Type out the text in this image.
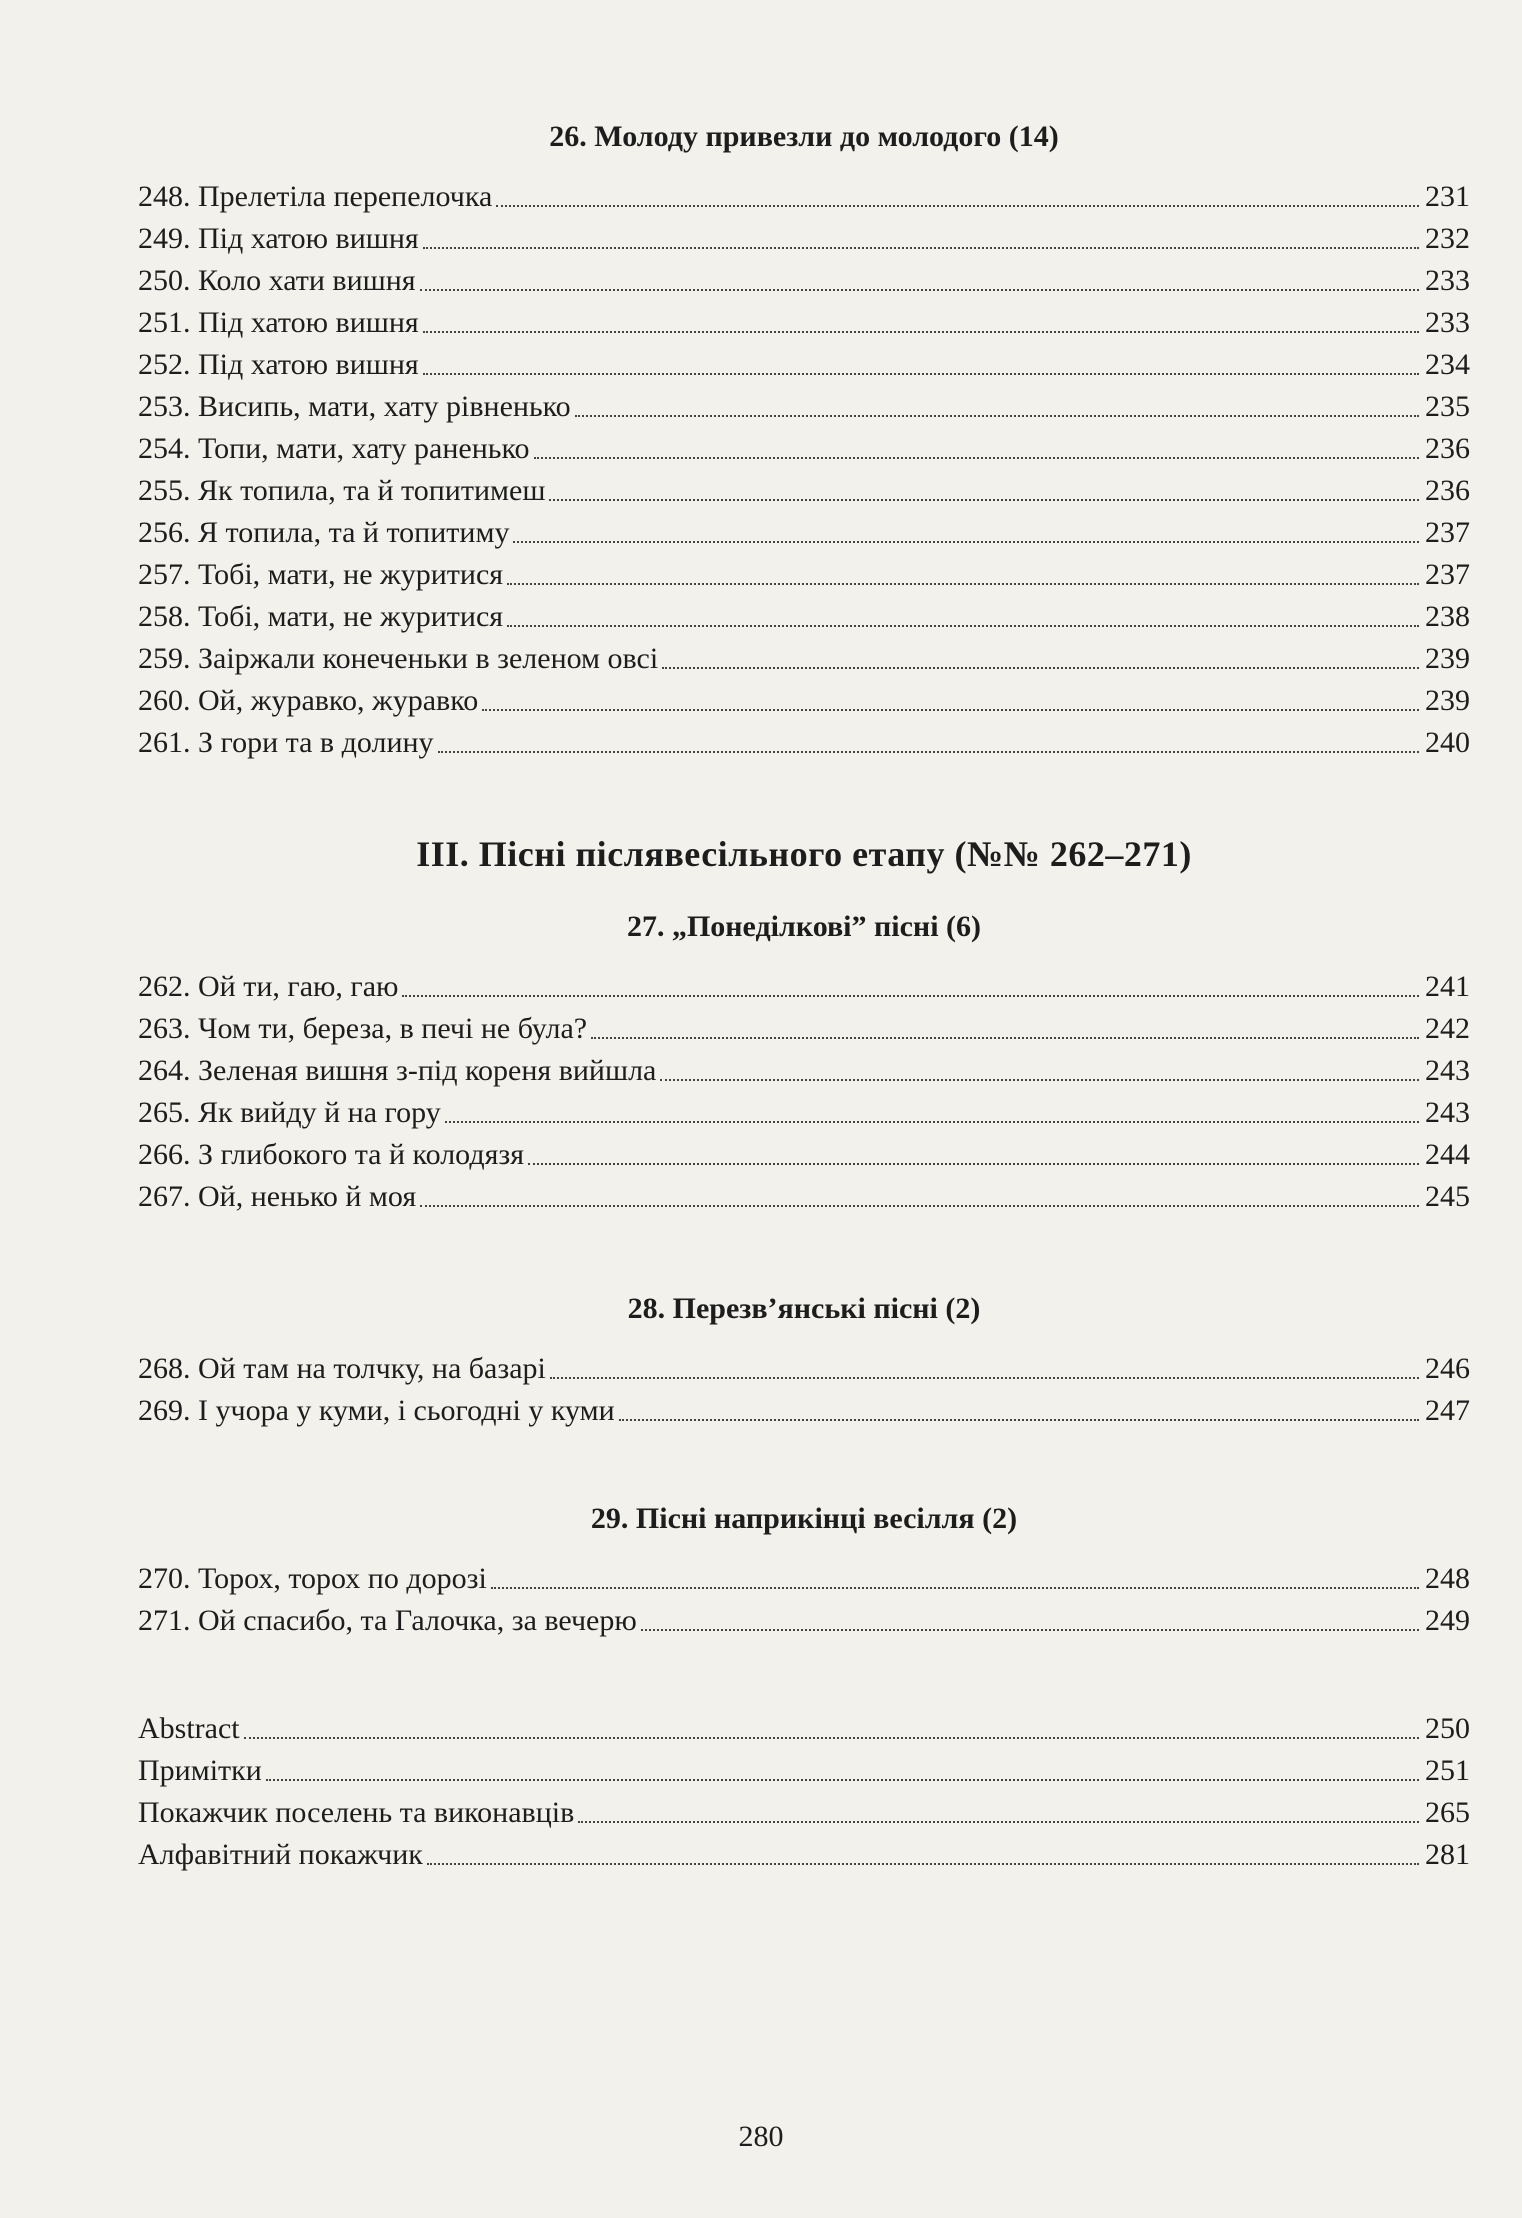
26. Молоду привезли до молодого (14)
248. Прелетіла перепелочка	231
249. Під хатою вишня	232
250. Коло хати вишня	233
251. Під хатою вишня	233
252. Під хатою вишня	234
253. Висипь, мати, хату рівненько	235
254. Топи, мати, хату раненько	236
255. Як топила, та й топитимеш	236
256. Я топила, та й топитиму	237
257. Тобі, мати, не журитися	237
258. Тобі, мати, не журитися	238
259. Заіржали конеченьки в зеленом овсі	239
260. Ой, журавко, журавко	239
261. З гори та в долину	240
ІІІ. Пісні післявесільного етапу (№№ 262–271)
27. „Понеділкові” пісні (6)
262. Ой ти, гаю, гаю	241
263. Чом ти, береза, в печі не була?	242
264. Зеленая вишня з-під кореня вийшла	243
265. Як вийду й на гору	243
266. З глибокого та й колодязя	244
267. Ой, ненько й моя	245
28. Перезв’янські пісні (2)
268. Ой там на толчку, на базарі	246
269. І учора у куми, і сьогодні у куми	247
29. Пісні наприкінці весілля (2)
270. Торох, торох по дорозі	248
271. Ой спасибо, та Галочка, за вечерю	249
Abstract	250
Примітки	251
Покажчик поселень та виконавців	265
Алфавітний покажчик	281
280
